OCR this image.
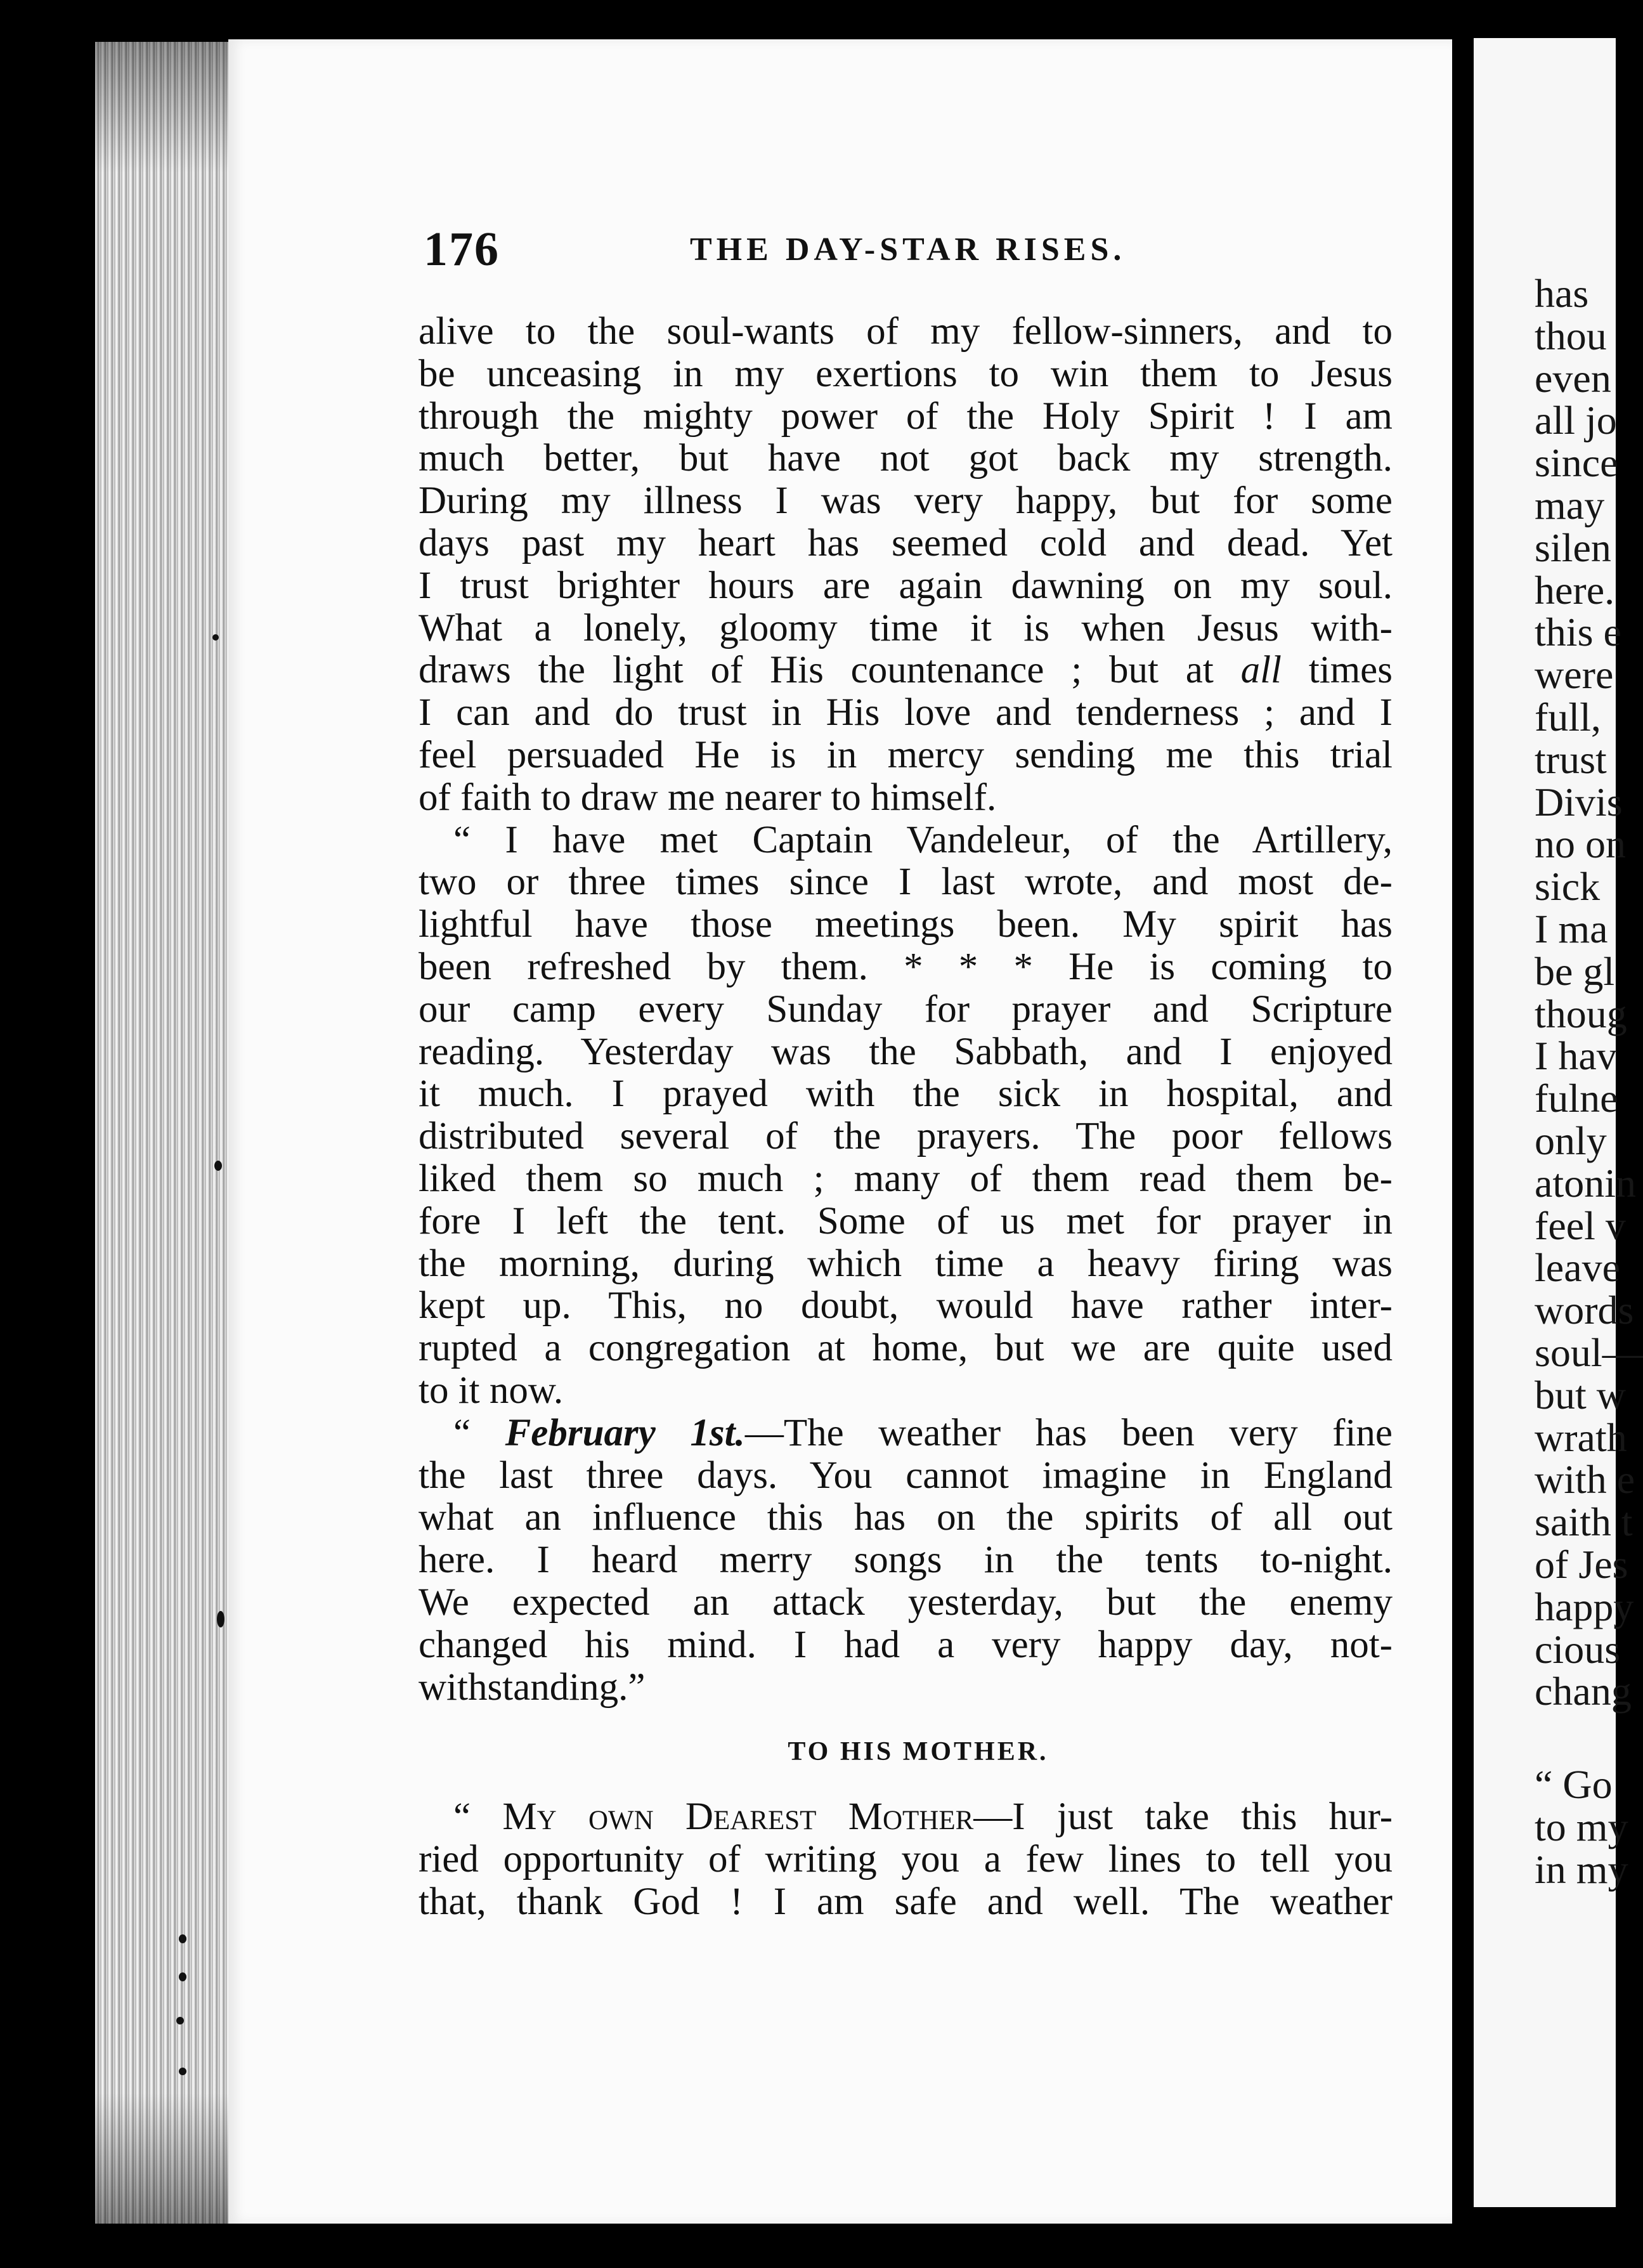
has
thou
even
all jo
since
may
silen
here.
this e
were
full,
trust
Divis
no on
sick
I ma
be gl
thoug
I hav
fulne
only
atonin
feel v
leave
words
soul—
but w
wrath
with e
saith t
of Jes
happy
cious
chang
“ Go
to my
in my
176	THE DAY-STAR RISES.
alive to the soul-wants of my fellow-sinners, and to
be unceasing in my exertions to win them to Jesus
through the mighty power of the Holy Spirit ! I am
much better, but have not got back my strength.
During my illness I was very happy, but for some
days past my heart has seemed cold and dead. Yet
I trust brighter hours are again dawning on my soul.
What a lonely, gloomy time it is when Jesus with-
draws the light of His countenance ; but at all times
I can and do trust in His love and tenderness ; and I
feel persuaded He is in mercy sending me this trial
of faith to draw me nearer to himself.
“ I have met Captain Vandeleur, of the Artillery,
two or three times since I last wrote, and most de-
lightful have those meetings been. My spirit has
been refreshed by them. * * * He is coming to
our camp every Sunday for prayer and Scripture
reading. Yesterday was the Sabbath, and I enjoyed
it much. I prayed with the sick in hospital, and
distributed several of the prayers. The poor fellows
liked them so much ; many of them read them be-
fore I left the tent. Some of us met for prayer in
the morning, during which time a heavy firing was
kept up. This, no doubt, would have rather inter-
rupted a congregation at home, but we are quite used
to it now.
“ February 1st.—The weather has been very fine
the last three days. You cannot imagine in England
what an influence this has on the spirits of all out
here. I heard merry songs in the tents to-night.
We expected an attack yesterday, but the enemy
changed his mind. I had a very happy day, not-
withstanding.”
TO HIS MOTHER.
“ My own Dearest Mother—I just take this hur-
ried opportunity of writing you a few lines to tell you
that, thank God ! I am safe and well. The weather
